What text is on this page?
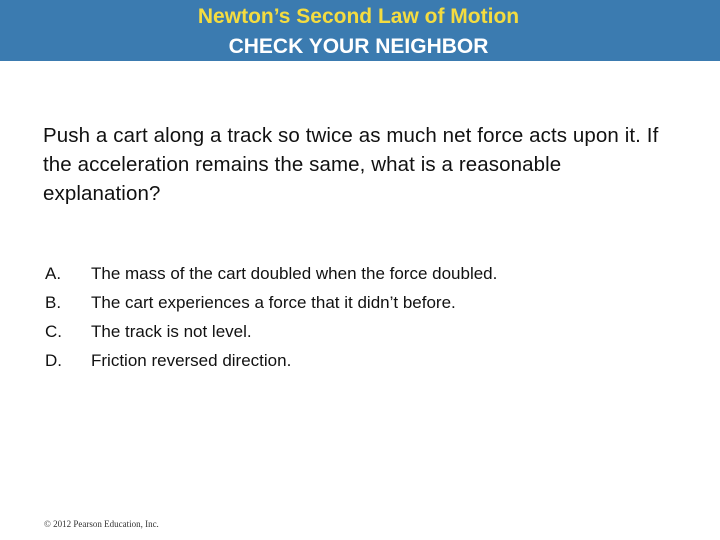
Newton’s Second Law of Motion
CHECK YOUR NEIGHBOR
Push a cart along a track so twice as much net force acts upon it. If the acceleration remains the same, what is a reasonable explanation?
A.	The mass of the cart doubled when the force doubled.
B.	The cart experiences a force that it didn’t before.
C.	The track is not level.
D.	Friction reversed direction.
© 2012 Pearson Education, Inc.
